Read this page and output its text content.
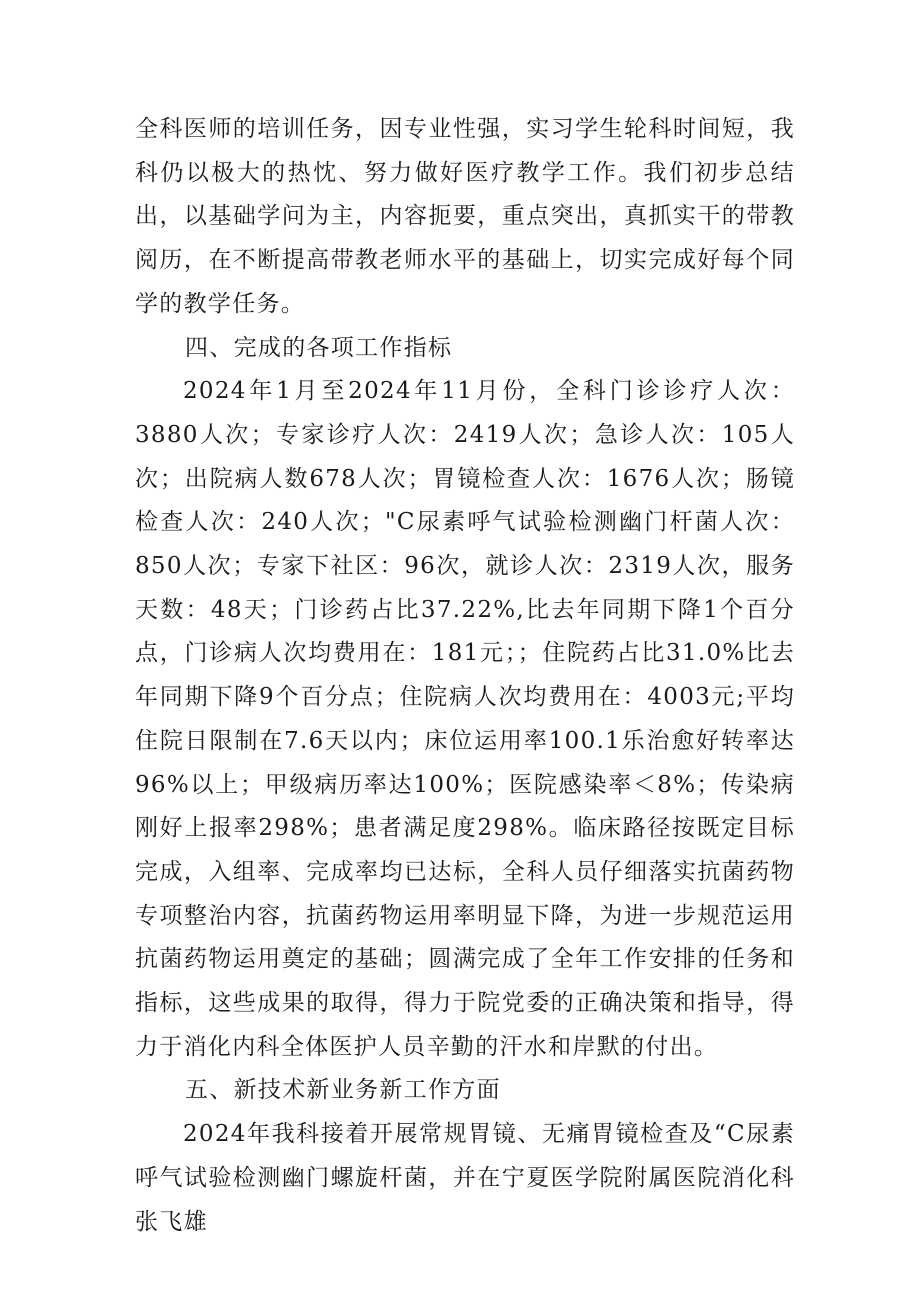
全科医师的培训任务，因专业性强，实习学生轮科时间短，我科仍以极大的热忱、努力做好医疗教学工作。我们初步总结出，以基础学问为主，内容扼要，重点突出，真抓实干的带教阅历，在不断提高带教老师水平的基础上，切实完成好每个同学的教学任务。

四、完成的各项工作指标

2024年1月至2024年11月份，全科门诊诊疗人次：3880人次；专家诊疗人次：2419人次；急诊人次：105人次；出院病人数678人次；胃镜检查人次：1676人次；肠镜检查人次：240人次；"C尿素呼气试验检测幽门杆菌人次：850人次；专家下社区：96次，就诊人次：2319人次，服务天数：48天；门诊药占比37.22%,比去年同期下降1个百分点，门诊病人次均费用在：181元；；住院药占比31.0%比去年同期下降9个百分点；住院病人次均费用在：4003元;平均住院日限制在7.6天以内；床位运用率100.1乐治愈好转率达96%以上；甲级病历率达100%；医院感染率＜8%；传染病刚好上报率298%；患者满足度298%。临床路径按既定目标完成，入组率、完成率均已达标，全科人员仔细落实抗菌药物专项整治内容，抗菌药物运用率明显下降，为进一步规范运用抗菌药物运用奠定的基础；圆满完成了全年工作安排的任务和指标，这些成果的取得，得力于院党委的正确决策和指导，得力于消化内科全体医护人员辛勤的汗水和岸默的付出。

五、新技术新业务新工作方面

2024年我科接着开展常规胃镜、无痛胃镜检查及“C尿素呼气试验检测幽门螺旋杆菌，并在宁夏医学院附属医院消化科张飞雄
